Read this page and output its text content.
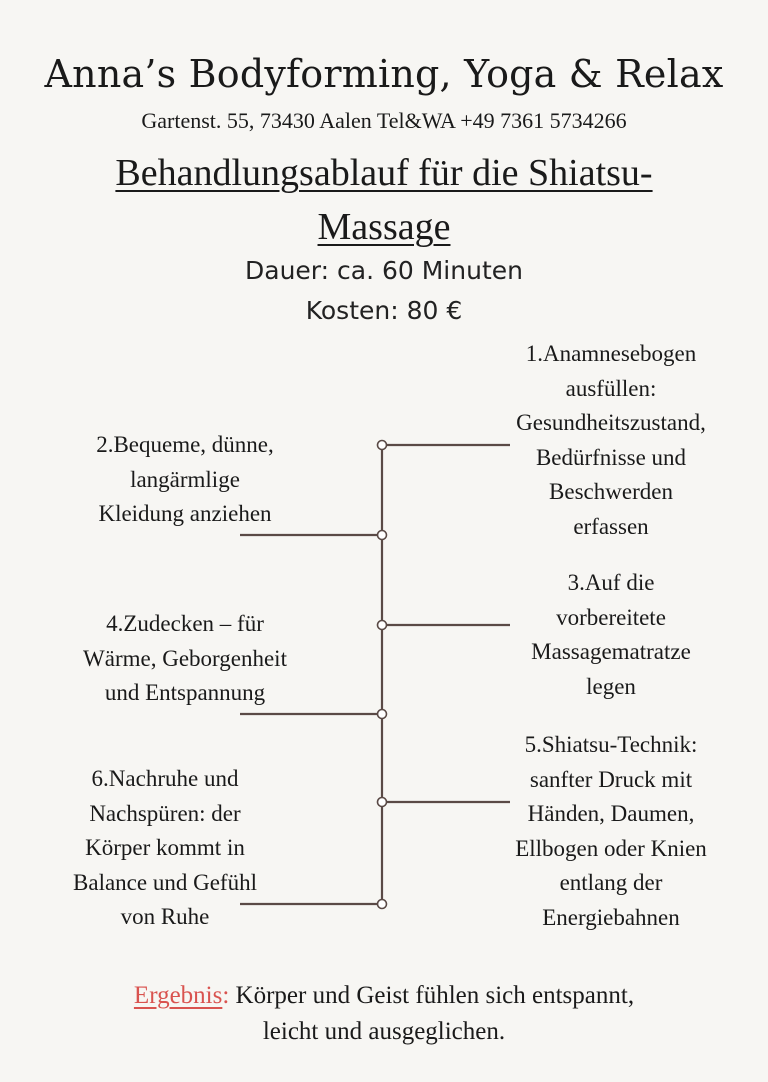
Anna’s Bodyforming, Yoga & Relax
Gartenst. 55, 73430 Aalen Tel&WA +49 7361 5734266
Behandlungsablauf für die Shiatsu-
Massage
Dauer: ca. 60 Minuten
Kosten: 80 €
1.Anamnesebogen
ausfüllen:
Gesundheitszustand,
Bedürfnisse und
Beschwerden
erfassen
2.Bequeme, dünne,
langärmlige
Kleidung anziehen
3.Auf die
vorbereitete
Massagematratze
legen
4.Zudecken – für
Wärme, Geborgenheit
und Entspannung
5.Shiatsu-Technik:
sanfter Druck mit
Händen, Daumen,
Ellbogen oder Knien
entlang der
Energiebahnen
6.Nachruhe und
Nachspüren: der
Körper kommt in
Balance und Gefühl
von Ruhe
Ergebnis: Körper und Geist fühlen sich entspannt,
leicht und ausgeglichen.
